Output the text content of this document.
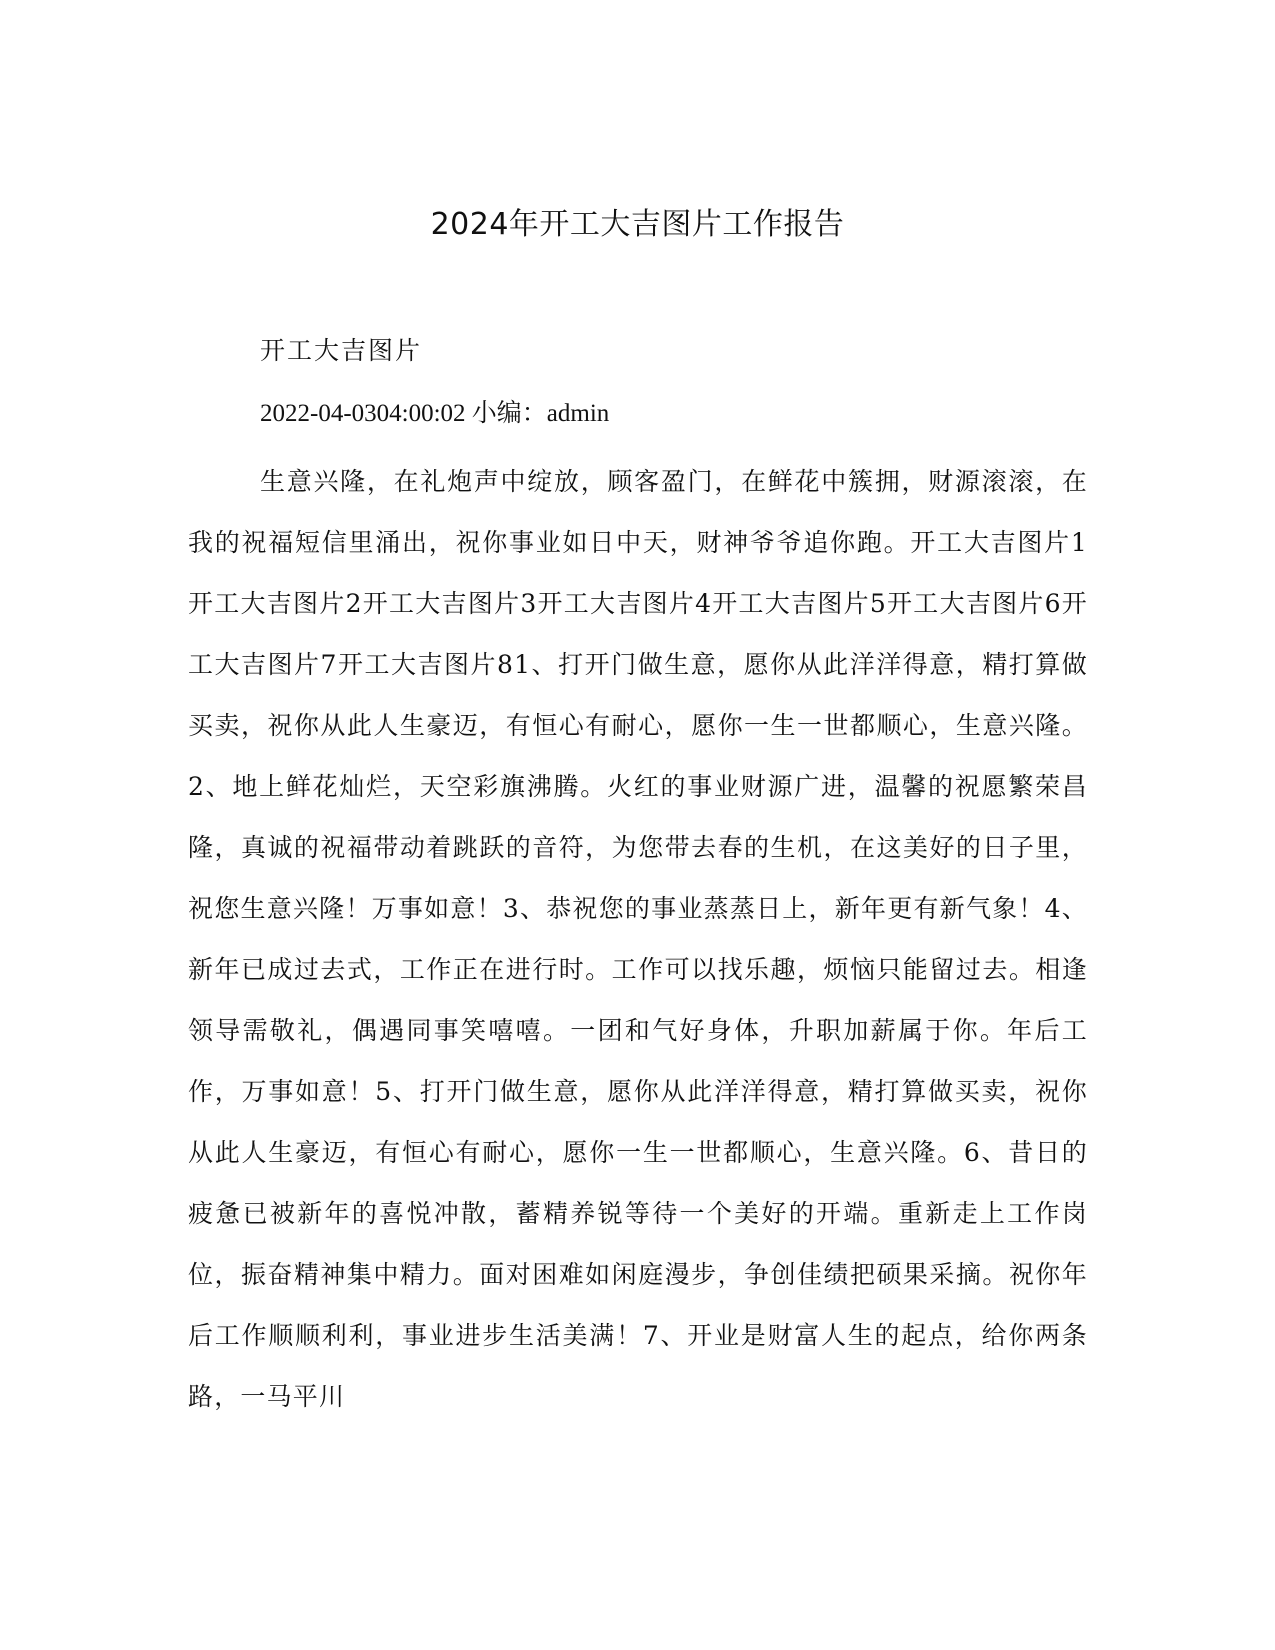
2024年开工大吉图片工作报告

开工大吉图片

2022-04-0304:00:02 小编：admin

生意兴隆，在礼炮声中绽放，顾客盈门，在鲜花中簇拥，财源滚滚，在我的祝福短信里涌出，祝你事业如日中天，财神爷爷追你跑。开工大吉图片1开工大吉图片2开工大吉图片3开工大吉图片4开工大吉图片5开工大吉图片6开工大吉图片7开工大吉图片81、打开门做生意，愿你从此洋洋得意，精打算做买卖，祝你从此人生豪迈，有恒心有耐心，愿你一生一世都顺心，生意兴隆。2、地上鲜花灿烂，天空彩旗沸腾。火红的事业财源广进，温馨的祝愿繁荣昌隆，真诚的祝福带动着跳跃的音符，为您带去春的生机，在这美好的日子里，祝您生意兴隆！万事如意！3、恭祝您的事业蒸蒸日上，新年更有新气象！4、新年已成过去式，工作正在进行时。工作可以找乐趣，烦恼只能留过去。相逢领导需敬礼，偶遇同事笑嘻嘻。一团和气好身体，升职加薪属于你。年后工作，万事如意！5、打开门做生意，愿你从此洋洋得意，精打算做买卖，祝你从此人生豪迈，有恒心有耐心，愿你一生一世都顺心，生意兴隆。6、昔日的疲惫已被新年的喜悦冲散，蓄精养锐等待一个美好的开端。重新走上工作岗位，振奋精神集中精力。面对困难如闲庭漫步，争创佳绩把硕果采摘。祝你年后工作顺顺利利，事业进步生活美满！7、开业是财富人生的起点，给你两条路，一马平川
